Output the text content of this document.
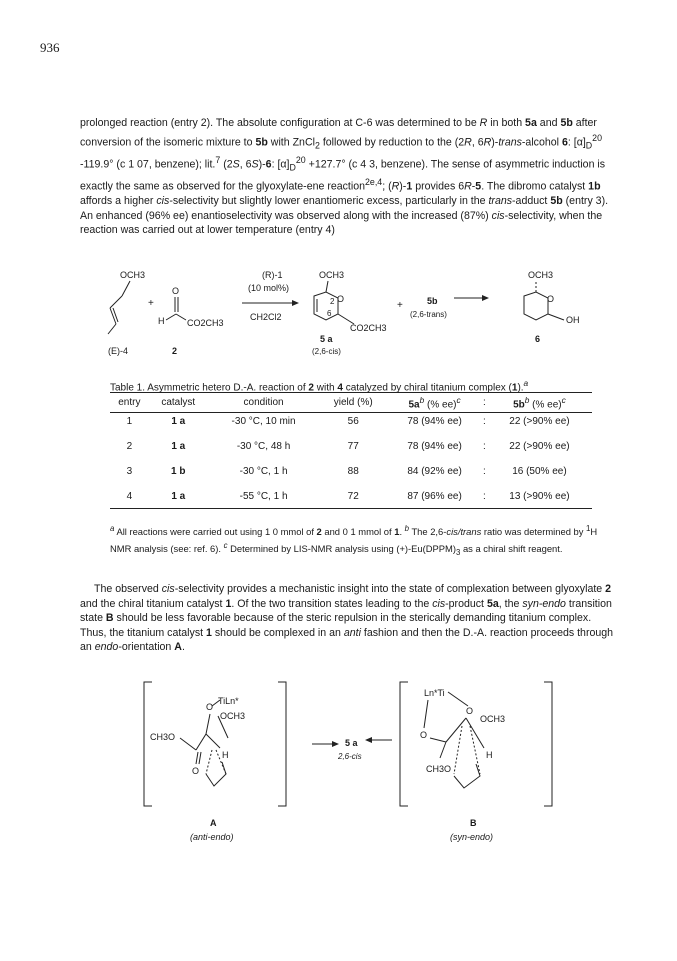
936

prolonged reaction (entry 2). The absolute configuration at C-6 was determined to be R in both 5a and 5b after conversion of the isomeric mixture to 5b with ZnCl$_2$ followed by reduction to the (2R, 6R)-trans-alcohol 6: $[\alpha]_D^{20}$ -119.9° (c 1 07, benzene); lit.$^7$ (2S, 6S)-6: $[\alpha]_D^{20} +127.7^\circ$ (c 4 3, benzene). The sense of asymmetric induction is exactly the same as observed for the glyoxylate-ene reaction$^{2e,4}$; (R)-1 provides 6R-5. The dibromo catalyst 1b affords a higher cis-selectivity but slightly lower enantiomeric excess, particularly in the trans-adduct 5b (entry 3). An enhanced (96% ee) enantioselectivity was observed along with the increased (87%) cis-selectivity, when the reaction was carried out at lower temperature (entry 4)

OCH3
(E)-4
+
O
H	CO2CH3
2
(R)-1
(10 mol%)
CH2Cl2
OCH3
2 O
6
CO2CH3
5 a
(2,6-cis)
+	5b
(2,6-trans)
OCH3
O
OH
6
Table 1. Asymmetric hetero D.-A. reaction of 2 with 4 catalyzed by chiral titanium complex (1).$^a$
entry	catalyst	condition	yield (%)	$5a^b$ (% ee)$^c$	:	$5b^b$ (% ee)$^c$
1	1 a	-30 °C, 10 min	56	78 (94% ee)	:	22 (>90% ee)
2	1 a	-30 °C, 48 h	77	78 (94% ee)	:	22 (>90% ee)
3	1 b	-30 °C, 1 h	88	84 (92% ee)	:	16 (50% ee)
4	1 a	-55 °C, 1 h	72	87 (96% ee)	:	13 (>90% ee)

$^a$ All reactions were carried out using 1 0 mmol of 2 and 0 1 mmol of 1. $^b$ The 2,6-cis/trans ratio was determined by $^1$H NMR analysis (see: ref. 6). $^c$ Determined by LIS-NMR analysis using $(+)-Eu(DPPM)_3$ as a chiral shift reagent.

The observed cis-selectivity provides a mechanistic insight into the state of complexation between glyoxylate 2 and the chiral titanium catalyst 1. Of the two transition states leading to the cis-product 5a, the syn-endo transition state B should be less favorable because of the steric repulsion in the sterically demanding titanium complex. Thus, the titanium catalyst 1 should be complexed in an anti fashion and then the D.-A. reaction proceeds through an endo-orientation A.

TiLn*
O
OCH3
CH3O
O
H
A
(anti-endo)
5 a
2,6-cis
Ln*Ti
O
OCH3
O
CH3O
H
B
(syn-endo)
